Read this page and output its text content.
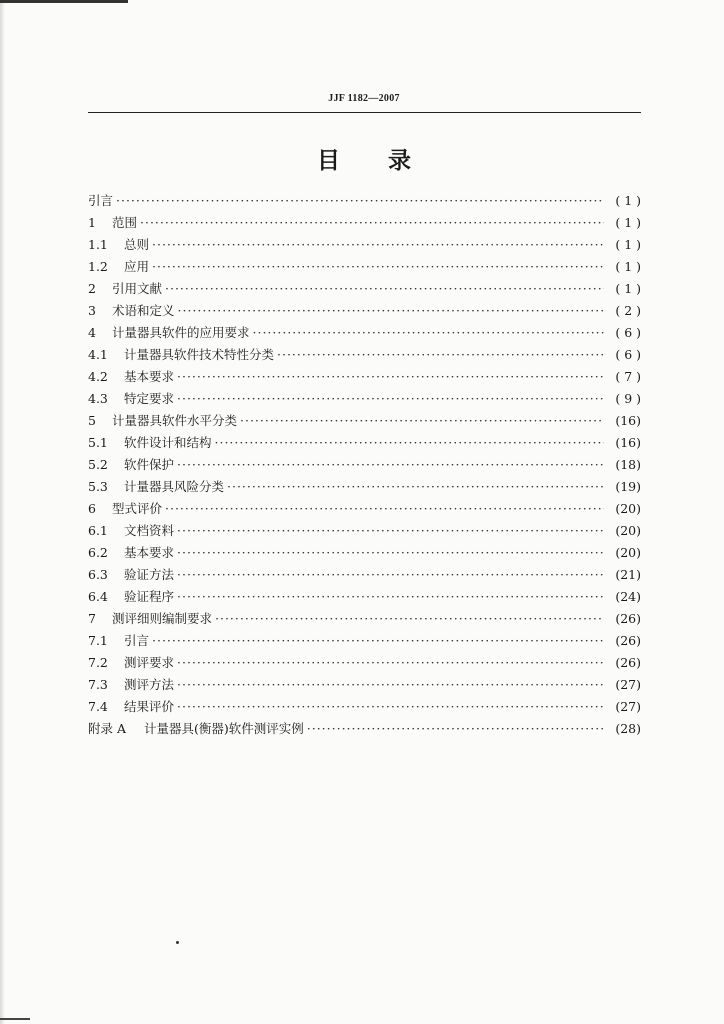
JJF 1182—2007
目 录
引言 ·····	( 1 )
1	范围 ·····	( 1 )
1.1	总则 ·····	( 1 )
1.2	应用 ·····	( 1 )
2	引用文献 ·····	( 1 )
3	术语和定义 ·····	( 2 )
4	计量器具软件的应用要求 ·····	( 6 )
4.1	计量器具软件技术特性分类 ·····	( 6 )
4.2	基本要求 ·····	( 7 )
4.3	特定要求 ·····	( 9 )
5	计量器具软件水平分类 ·····	(16)
5.1	软件设计和结构 ·····	(16)
5.2	软件保护 ·····	(18)
5.3	计量器具风险分类 ·····	(19)
6	型式评价 ·····	(20)
6.1	文档资料 ·····	(20)
6.2	基本要求 ·····	(20)
6.3	验证方法 ·····	(21)
6.4	验证程序 ·····	(24)
7	测评细则编制要求 ·····	(26)
7.1	引言 ·····	(26)
7.2	测评要求 ·····	(26)
7.3	测评方法 ·····	(27)
7.4	结果评价 ·····	(27)
附录 A	计量器具(衡器)软件测评实例 ·····	(28)
